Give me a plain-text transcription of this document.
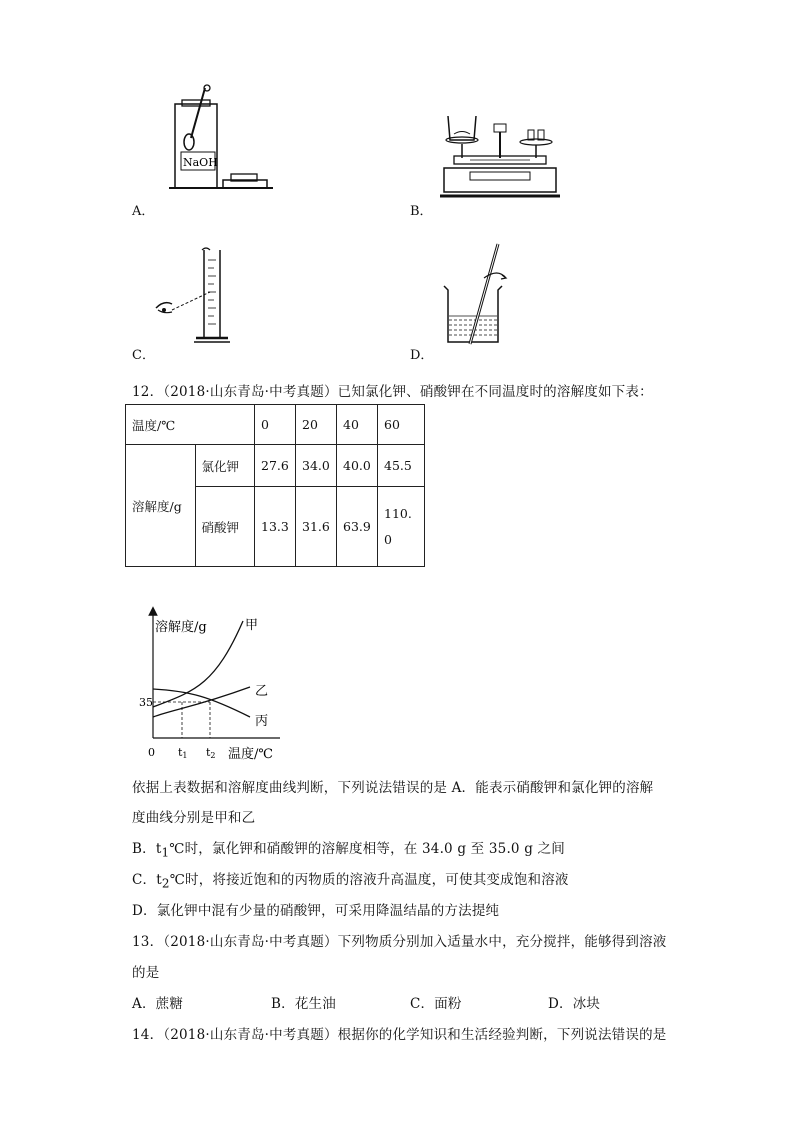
NaOH
A．	B．
C．	D．
12．（2018·山东青岛·中考真题）已知氯化钾、硝酸钾在不同温度时的溶解度如下表：
温度/℃		0	20	40	60
溶解度/g	氯化钾	27.6	34.0	40.0	45.5
	硝酸钾	13.3	31.6	63.9	110.
0
溶解度/g	甲
乙
丙
35
0 t1 t2 温度/℃
依据上表数据和溶解度曲线判断，下列说法错误的是 A．能表示硝酸钾和氯化钾的溶解
度曲线分别是甲和乙
B．$t_1℃$时，氯化钾和硝酸钾的溶解度相等，在 34.0 g 至 35.0 g 之间
C．$t_2℃$时，将接近饱和的丙物质的溶液升高温度，可使其变成饱和溶液
D．氯化钾中混有少量的硝酸钾，可采用降温结晶的方法提纯
13．（2018·山东青岛·中考真题）下列物质分别加入适量水中，充分搅拌，能够得到溶液
的是
A．蔗糖	B．花生油	C．面粉	D．冰块
14．（2018·山东青岛·中考真题）根据你的化学知识和生活经验判断，下列说法错误的是
